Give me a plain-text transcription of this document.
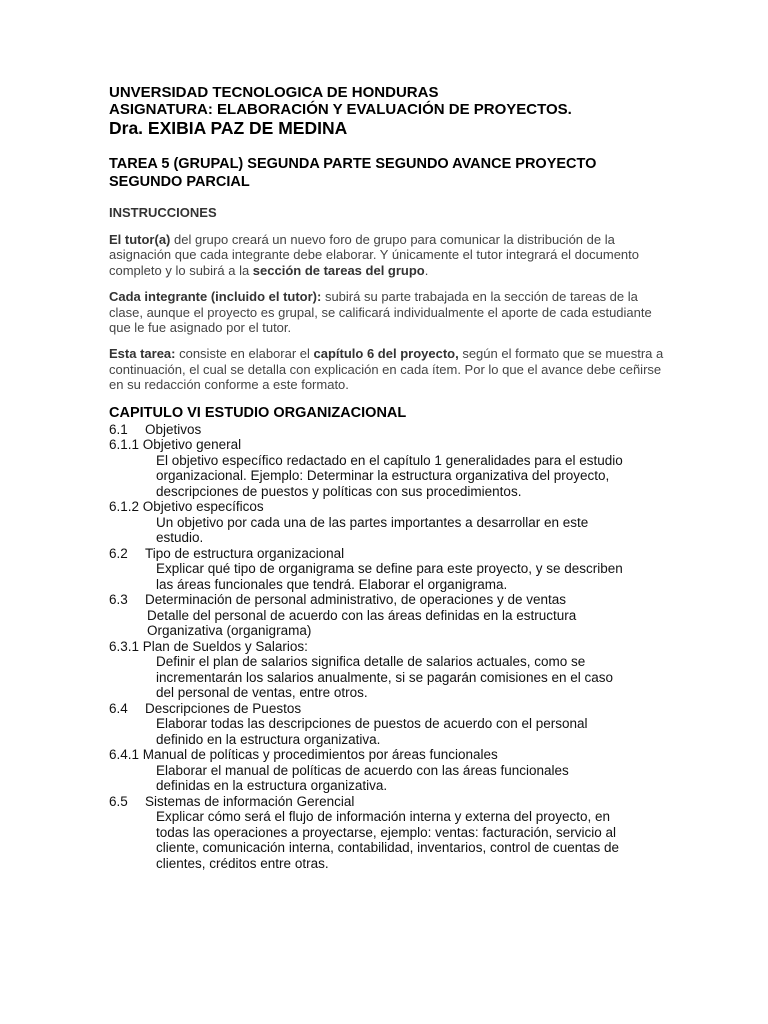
UNVERSIDAD TECNOLOGICA DE HONDURAS
ASIGNATURA: ELABORACIÓN Y EVALUACIÓN DE PROYECTOS.
Dra. EXIBIA PAZ DE MEDINA
TAREA 5 (GRUPAL) SEGUNDA PARTE SEGUNDO AVANCE PROYECTO SEGUNDO PARCIAL
INSTRUCCIONES
El tutor(a) del grupo creará un nuevo foro de grupo para comunicar la distribución de la asignación que cada integrante debe elaborar. Y únicamente el tutor integrará el documento completo y lo subirá a la sección de tareas del grupo.
Cada integrante (incluido el tutor): subirá su parte trabajada en la sección de tareas de la clase, aunque el proyecto es grupal, se calificará individualmente el aporte de cada estudiante que le fue asignado por el tutor.
Esta tarea: consiste en elaborar el capítulo 6 del proyecto, según el formato que se muestra a continuación, el cual se detalla con explicación en cada ítem. Por lo que el avance debe ceñirse en su redacción conforme a este formato.
CAPITULO VI ESTUDIO ORGANIZACIONAL
6.1 Objetivos
6.1.1 Objetivo general
El objetivo específico redactado en el capítulo 1 generalidades para el estudio organizacional. Ejemplo: Determinar la estructura organizativa del proyecto, descripciones de puestos y políticas con sus procedimientos.
6.1.2 Objetivo específicos
Un objetivo por cada una de las partes importantes a desarrollar en este estudio.
6.2 Tipo de estructura organizacional
Explicar qué tipo de organigrama se define para este proyecto, y se describen las áreas funcionales que tendrá. Elaborar el organigrama.
6.3 Determinación de personal administrativo, de operaciones y de ventas
Detalle del personal de acuerdo con las áreas definidas en la estructura Organizativa (organigrama)
6.3.1 Plan de Sueldos y Salarios:
Definir el plan de salarios significa detalle de salarios actuales, como se incrementarán los salarios anualmente, si se pagarán comisiones en el caso del personal de ventas, entre otros.
6.4 Descripciones de Puestos
Elaborar todas las descripciones de puestos de acuerdo con el personal definido en la estructura organizativa.
6.4.1 Manual de políticas y procedimientos por áreas funcionales
Elaborar el manual de políticas de acuerdo con las áreas funcionales definidas en la estructura organizativa.
6.5 Sistemas de información Gerencial
Explicar cómo será el flujo de información interna y externa del proyecto, en todas las operaciones a proyectarse, ejemplo: ventas: facturación, servicio al cliente, comunicación interna, contabilidad, inventarios, control de cuentas de clientes, créditos entre otras.
